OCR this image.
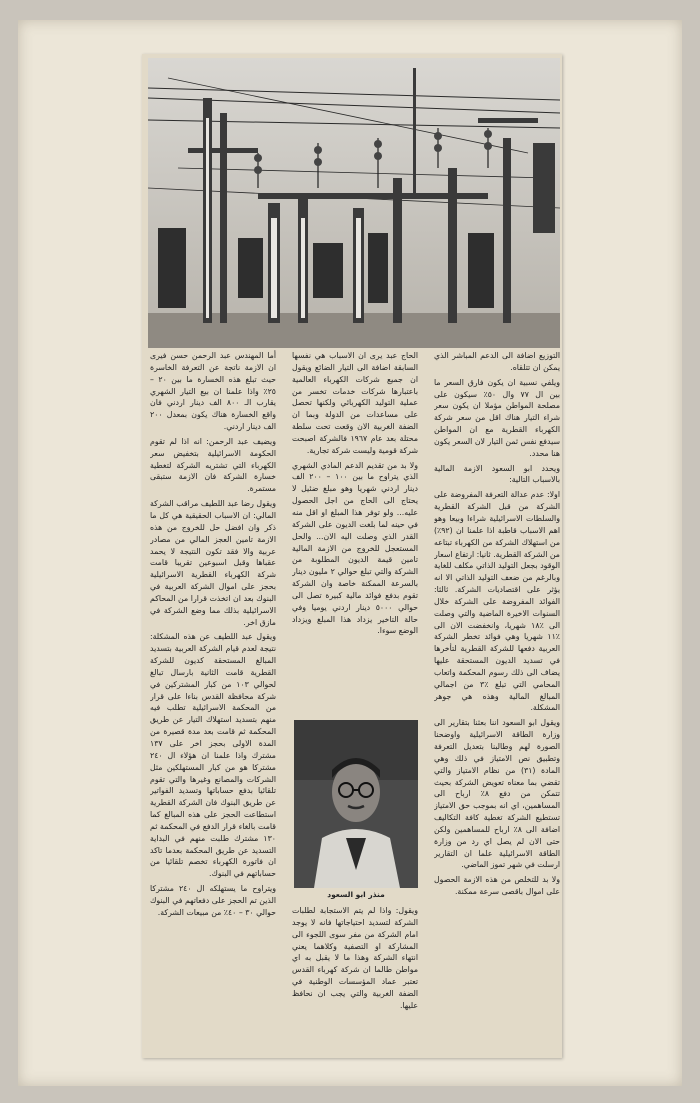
التوزيع اضافة الى الدعم المباشر الذي يمكن ان تتلقاه.

ويلفي نسبية ان يكون فارق السعر ما بين ال ٧٧ وال ٥٠٪ سيكون على مصلحة المواطن مؤملا ان يكون سعر شراء التيار هناك اقل من سعر شركة الكهرباء القطرية مع ان المواطن سيدفع نفس ثمن التيار لان السعر يكون هنا محدد.

ويحدد ابو السعود الازمة المالية بالاسباب التالية:

اولا: عدم عدالة التعرفة المفروضة على الشركة من قبل الشركة القطرية والسلطات الاسرائيلية شراءا وبيعا وهو اهم الاسباب قاطبة اذا علمنا ان (٩٢٪) من استهلاك الشركة من الكهرباء تبتاعه من الشركة القطرية. ثانيا: ارتفاع اسعار الوقود بجعل التوليد الذاتي مكلف للغاية وبالرغم من ضعف التوليد الذاتي الا انه يؤثر على اقتصاديات الشركة. ثالثا: الفوائد المفروضة على الشركة خلال السنوات الاخيرة الماضية والتي وصلت الى ٪١٨ شهريا، وانخفضت الان الى ٪١١ شهريا وهي فوائد تخطر الشركة العربية دفعها للشركة القطرية لتأخرها في تسديد الديون المستحقة عليها يضاف الى ذلك رسوم المحكمة واتعاب المحامي التي تبلغ ٪٣ من اجمالي المبالغ المالية وهذه هي جوهر المشكلة.

ويقول ابو السعود اننا بعثنا بتقارير الى وزارة الطاقة الاسرائيلية واوضحنا الصورة لهم وطالبنا بتعديل التعرفة وتطبيق نص الامتياز في ذلك وهي المادة (٣١) من نظام الامتياز والتي تقضي بما معناه تعويض الشركة بحيث تتمكن من دفع ٨٪ ارباح الى المساهمين، اي انه بموجب حق الامتياز تستطيع الشركة تغطية كافة التكاليف اضافة الى ٨٪ ارباح للمساهمين ولكن حتى الان لم يصل اي رد من وزارة الطاقة الاسرائيلية علما ان التقارير ارسلت في شهر تموز الماضي.

ولا بد للتخلص من هذه الازمة الحصول على اموال باقصى سرعة ممكنة.

الحاج عبد يرى ان الاسباب هي نفسها السابقة اضافة الى التيار الضائع ويقول ان جميع شركات الكهرباء العالمية باعتبارها شركات خدمات تخسر من عملية التوليد الكهربائي ولكنها تحصل على مساعدات من الدولة وبما ان الضفة الغربية الان وقعت تحت سلطة محتلة بعد عام ١٩٦٧ فالشركة اصبحت شركة قومية وليست شركة تجارية.

ولا بد من تقديم الدعم المادي الشهري الذي يتراوح ما بين ١٠٠ – ٢٠٠ الف دينار اردني شهريا وهو مبلغ ضئيل لا يحتاج الى الحاج من اجل الحصول عليه... ولو توفر هذا المبلغ او اقل منه في حينه لما بلغت الديون على الشركة القدر الذي وصلت اليه الان... والحل المستعجل للخروج من الازمة المالية تامين قيمة الديون المطلوبة من الشركة والتي تبلغ حوالي ٢ مليون دينار بالسرعة الممكنة خاصة وان الشركة تقوم بدفع فوائد مالية كبيرة تصل الى حوالي ٥٠٠٠ دينار اردني يوميا وفي حالة التاخير يزداد هذا المبلغ ويزداد الوضع سوءا.

منذر ابو السعود

ويقول: واذا لم يتم الاستجابة لطلبات الشركة لتسديد احتياجاتها فانه لا يوجد امام الشركة من مفر سوى اللجوء الى المشاركة او التصفية وكلاهما يعني انتهاء الشركة وهذا ما لا يقبل به اي مواطن طالما ان شركة كهرباء القدس تعتبر عماد المؤسسات الوطنية في الضفة الغربية والتي يجب ان نحافظ عليها.

أما المهندس عبد الرحمن حسن فيرى ان الازمة ناتجة عن التعرفة الخاسرة حيث تبلغ هذه الخسارة ما بين ٢٠ – ٢٥٪ واذا علمنا ان بيع التيار الشهري يقارب الـ ٨٠٠ الف دينار اردني فان واقع الخسارة هناك يكون بمعدل ٢٠٠ الف دينار اردني.

ويضيف عبد الرحمن: انه اذا لم تقوم الحكومة الاسرائيلية بتخفيض سعر الكهرباء التي تشتريه الشركة لتغطية خسارة الشركة فان الازمة ستبقى مستمرة.

ويقول رضا عبد اللطيف مراقب الشركة المالي: ان الاسباب الحقيقية هي كل ما ذكر وان افضل حل للخروج من هذه الازمة تامين العجز المالي من مصادر عربية والا فقد تكون النتيجة لا يحمد عقباها وقبل اسبوعين تقريبا قامت شركة الكهرباء القطرية الاسرائيلية بحجز على اموال الشركة العربية في البنوك بعد ان اتخذت قرارا من المحاكم الاسرائيلية بذلك مما وضع الشركة في مازق اخر.

ويقول عبد اللطيف عن هذه المشكلة: نتيجة لعدم قيام الشركة العربية بتسديد المبالغ المستحقة كديون للشركة القطرية قامت الثانية بارسال تبالغ لحوالي ١٠٣ من كبار المشتركين في شركة محافظة القدس بناءا على قرار من المحكمة الاسرائيلية تطلب فيه منهم بتسديد استهلاك التيار عن طريق المحكمة ثم قامت بعد مدة قصيرة من المدة الاولى بحجز اخر على ١٣٧ مشترك واذا علمنا ان هؤلاء ال ٢٤٠ مشتركا هو من كبار المستهلكين مثل الشركات والمصانع وغيرها والتي تقوم تلقائيا بدفع حساباتها وتسديد الفواتير عن طريق البنوك فان الشركة القطرية استطاعت الحجز على هذه المبالغ كما قامت بالغاء قرار الدفع في المحكمة ثم ١٣٠ مشترك طلبت منهم في البداية التسديد عن طريق المحكمة بعدما تاكد ان فاتورة الكهرباء تخصم تلقائيا من حساباتهم في البنوك.

ويتراوح ما يستهلكه ال ٢٤٠ مشتركا الذين تم الحجز على دفعاتهم في البنوك حوالي ٣٠ – ٤٠٪ من مبيعات الشركة.
